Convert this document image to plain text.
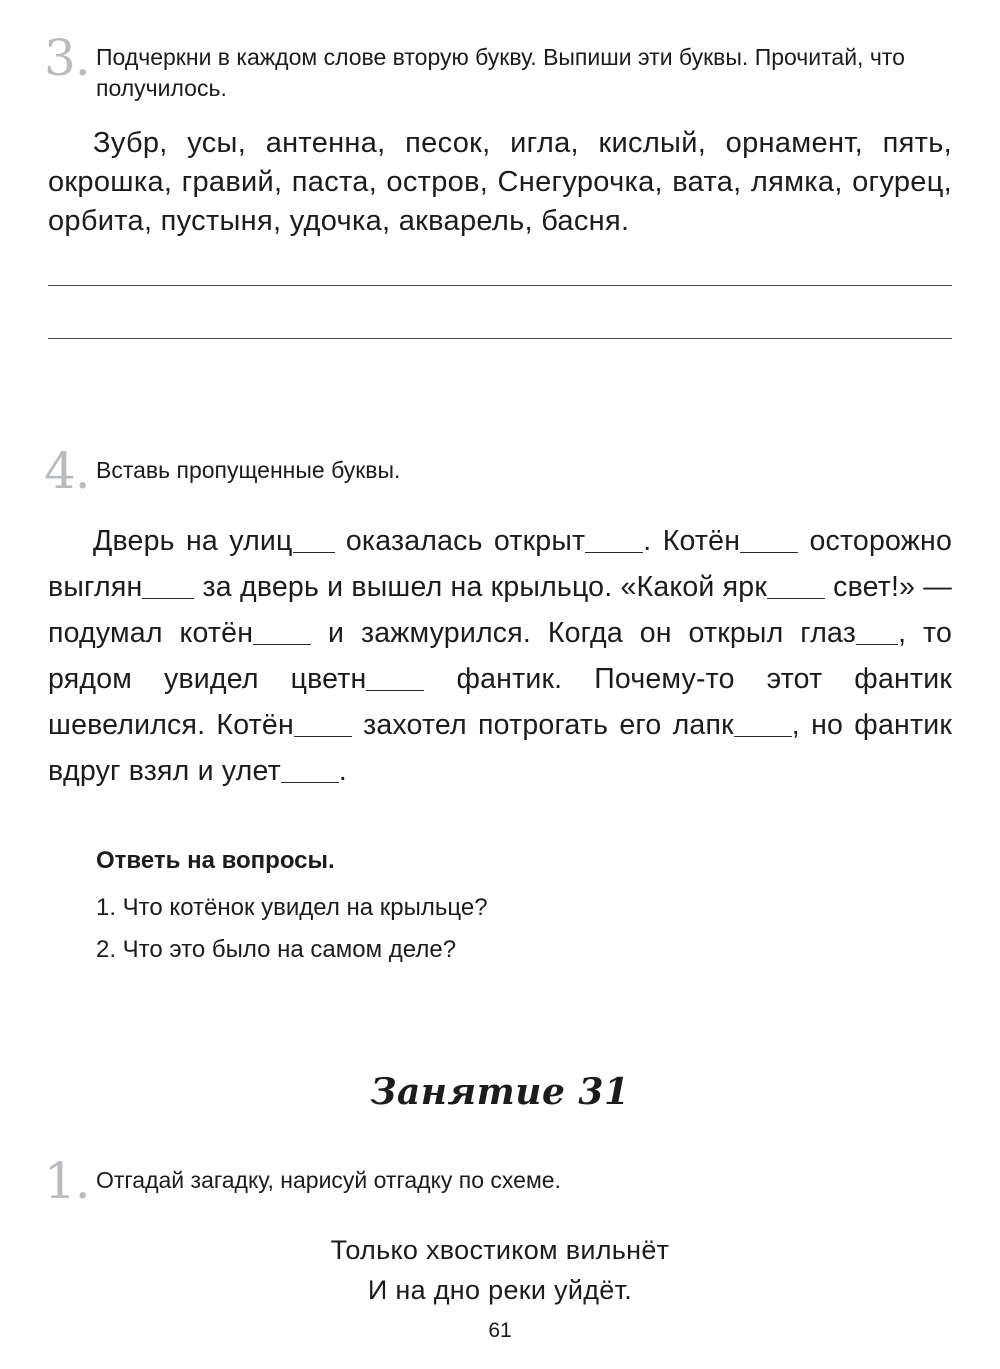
3. Подчеркни в каждом слове вторую букву. Выпиши эти буквы. Прочитай, что получилось.

Зубр, усы, антенна, песок, игла, кислый, орнамент, пять, окрошка, гравий, паста, остров, Снегурочка, вата, лямка, огурец, орбита, пустыня, удочка, акварель, басня.

4. Вставь пропущенные буквы.

Дверь на улиц оказалась открыт . Котён осторожно выглян за дверь и вышел на крыльцо. «Какой ярк свет!» — подумал котён и зажмурился. Когда он открыл глаз , то рядом увидел цветн фантик. Почему-то этот фантик шевелился. Котён захотел потрогать его лапк , но фантик вдруг взял и улет .

Ответь на вопросы.

1. Что котёнок увидел на крыльце?

2. Что это было на самом деле?

Занятие 31
1. Отгадай загадку, нарисуй отгадку по схеме.

Только хвостиком вильнёт
И на дно реки уйдёт.

61
